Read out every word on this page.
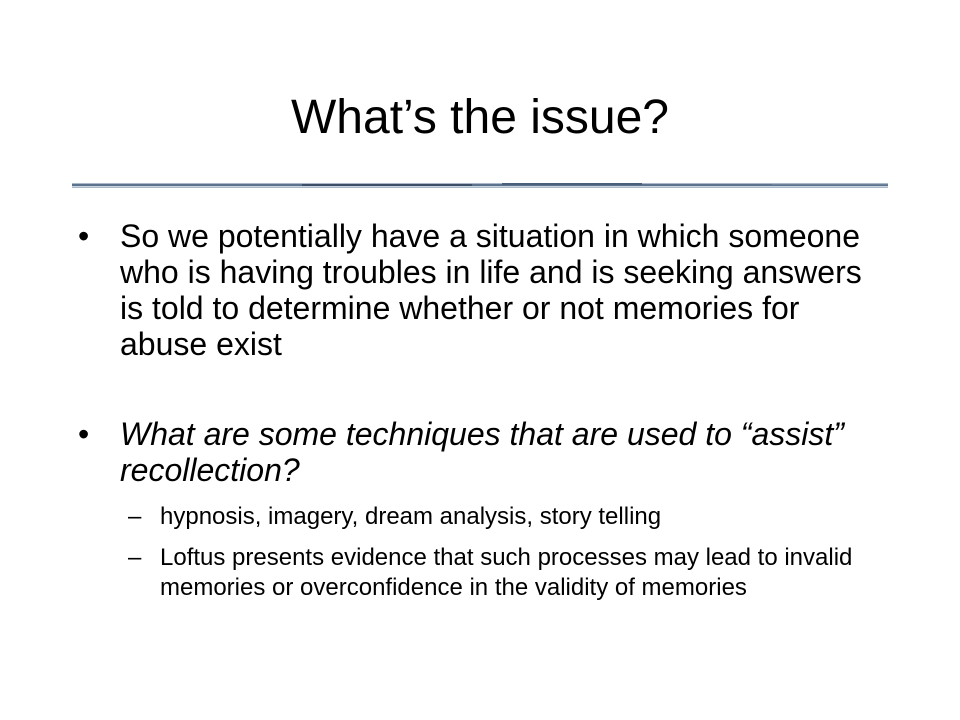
What’s the issue?

• So we potentially have a situation in which someone who is having troubles in life and is seeking answers is told to determine whether or not memories for abuse exist

• What are some techniques that are used to “assist” recollection?

– hypnosis, imagery, dream analysis, story telling

– Loftus presents evidence that such processes may lead to invalid memories or overconfidence in the validity of memories
